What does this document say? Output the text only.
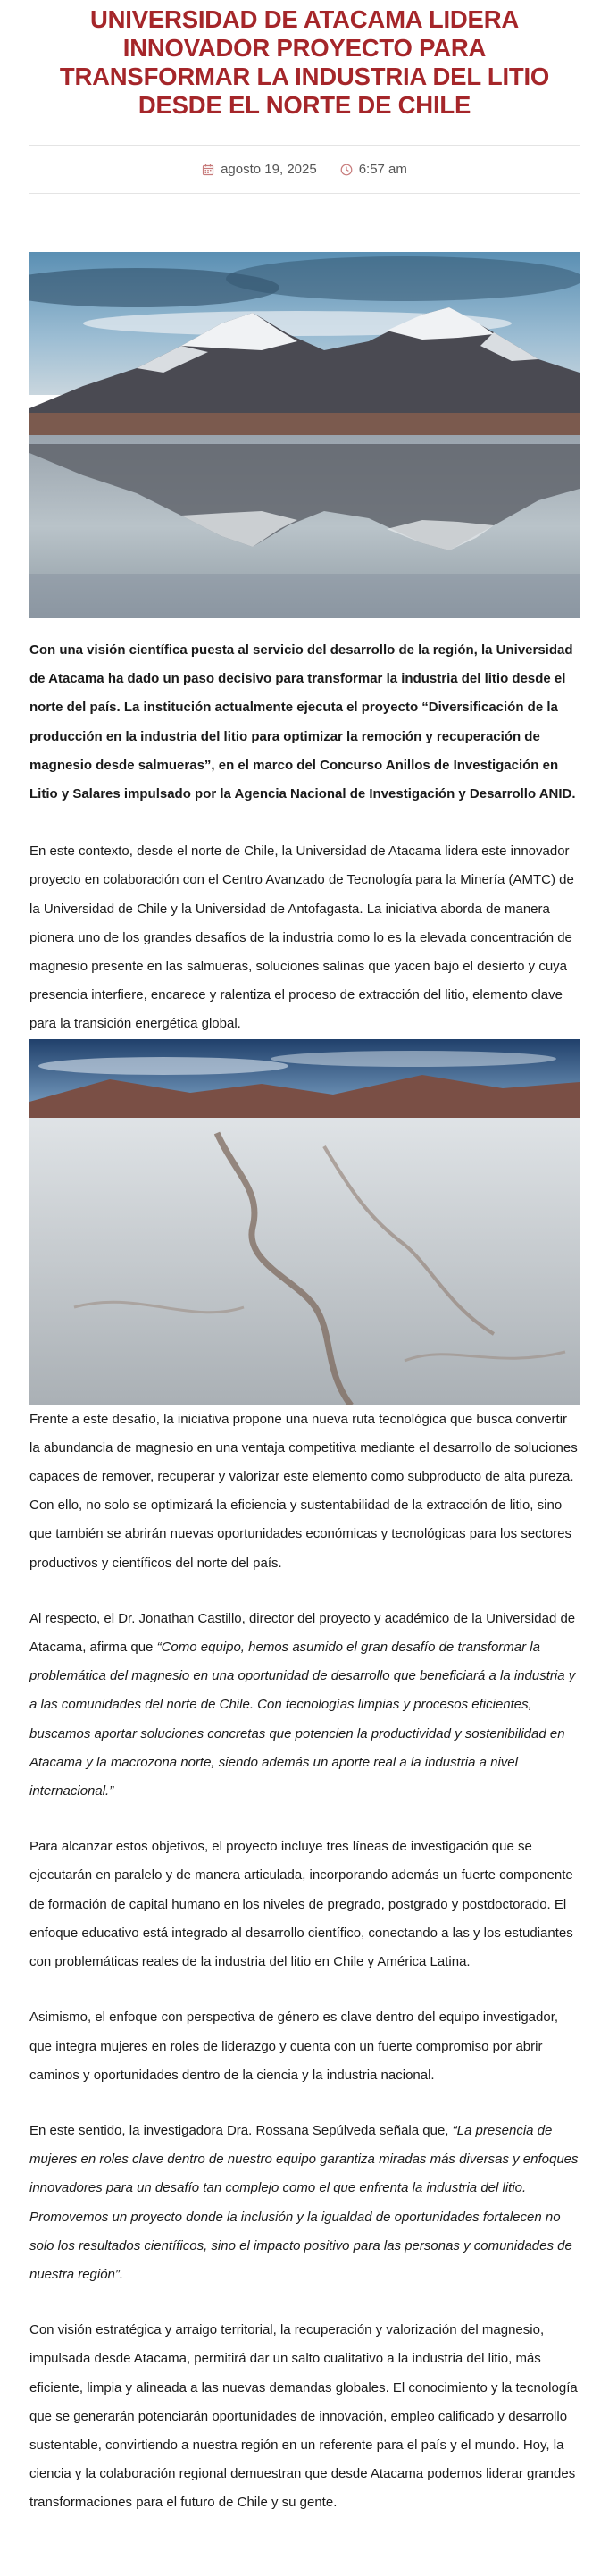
UNIVERSIDAD DE ATACAMA LIDERA INNOVADOR PROYECTO PARA TRANSFORMAR LA INDUSTRIA DEL LITIO DESDE EL NORTE DE CHILE
agosto 19, 2025	6:57 am

Con una visión científica puesta al servicio del desarrollo de la región, la Universidad de Atacama ha dado un paso decisivo para transformar la industria del litio desde el norte del país. La institución actualmente ejecuta el proyecto “Diversificación de la producción en la industria del litio para optimizar la remoción y recuperación de magnesio desde salmueras”, en el marco del Concurso Anillos de Investigación en Litio y Salares impulsado por la Agencia Nacional de Investigación y Desarrollo ANID.

En este contexto, desde el norte de Chile, la Universidad de Atacama lidera este innovador proyecto en colaboración con el Centro Avanzado de Tecnología para la Minería (AMTC) de la Universidad de Chile y la Universidad de Antofagasta. La iniciativa aborda de manera pionera uno de los grandes desafíos de la industria como lo es la elevada concentración de magnesio presente en las salmueras, soluciones salinas que yacen bajo el desierto y cuya presencia interfiere, encarece y ralentiza el proceso de extracción del litio, elemento clave para la transición energética global.

Frente a este desafío, la iniciativa propone una nueva ruta tecnológica que busca convertir la abundancia de magnesio en una ventaja competitiva mediante el desarrollo de soluciones capaces de remover, recuperar y valorizar este elemento como subproducto de alta pureza. Con ello, no solo se optimizará la eficiencia y sustentabilidad de la extracción de litio, sino que también se abrirán nuevas oportunidades económicas y tecnológicas para los sectores productivos y científicos del norte del país.

Al respecto, el Dr. Jonathan Castillo, director del proyecto y académico de la Universidad de Atacama, afirma que “Como equipo, hemos asumido el gran desafío de transformar la problemática del magnesio en una oportunidad de desarrollo que beneficiará a la industria y a las comunidades del norte de Chile. Con tecnologías limpias y procesos eficientes, buscamos aportar soluciones concretas que potencien la productividad y sostenibilidad en Atacama y la macrozona norte, siendo además un aporte real a la industria a nivel internacional.”

Para alcanzar estos objetivos, el proyecto incluye tres líneas de investigación que se ejecutarán en paralelo y de manera articulada, incorporando además un fuerte componente de formación de capital humano en los niveles de pregrado, postgrado y postdoctorado. El enfoque educativo está integrado al desarrollo científico, conectando a las y los estudiantes con problemáticas reales de la industria del litio en Chile y América Latina.

Asimismo, el enfoque con perspectiva de género es clave dentro del equipo investigador, que integra mujeres en roles de liderazgo y cuenta con un fuerte compromiso por abrir caminos y oportunidades dentro de la ciencia y la industria nacional.

En este sentido, la investigadora Dra. Rossana Sepúlveda señala que, “La presencia de mujeres en roles clave dentro de nuestro equipo garantiza miradas más diversas y enfoques innovadores para un desafío tan complejo como el que enfrenta la industria del litio. Promovemos un proyecto donde la inclusión y la igualdad de oportunidades fortalecen no solo los resultados científicos, sino el impacto positivo para las personas y comunidades de nuestra región”.

Con visión estratégica y arraigo territorial, la recuperación y valorización del magnesio, impulsada desde Atacama, permitirá dar un salto cualitativo a la industria del litio, más eficiente, limpia y alineada a las nuevas demandas globales. El conocimiento y la tecnología que se generarán potenciarán oportunidades de innovación, empleo calificado y desarrollo sustentable, convirtiendo a nuestra región en un referente para el país y el mundo. Hoy, la ciencia y la colaboración regional demuestran que desde Atacama podemos liderar grandes transformaciones para el futuro de Chile y su gente.
